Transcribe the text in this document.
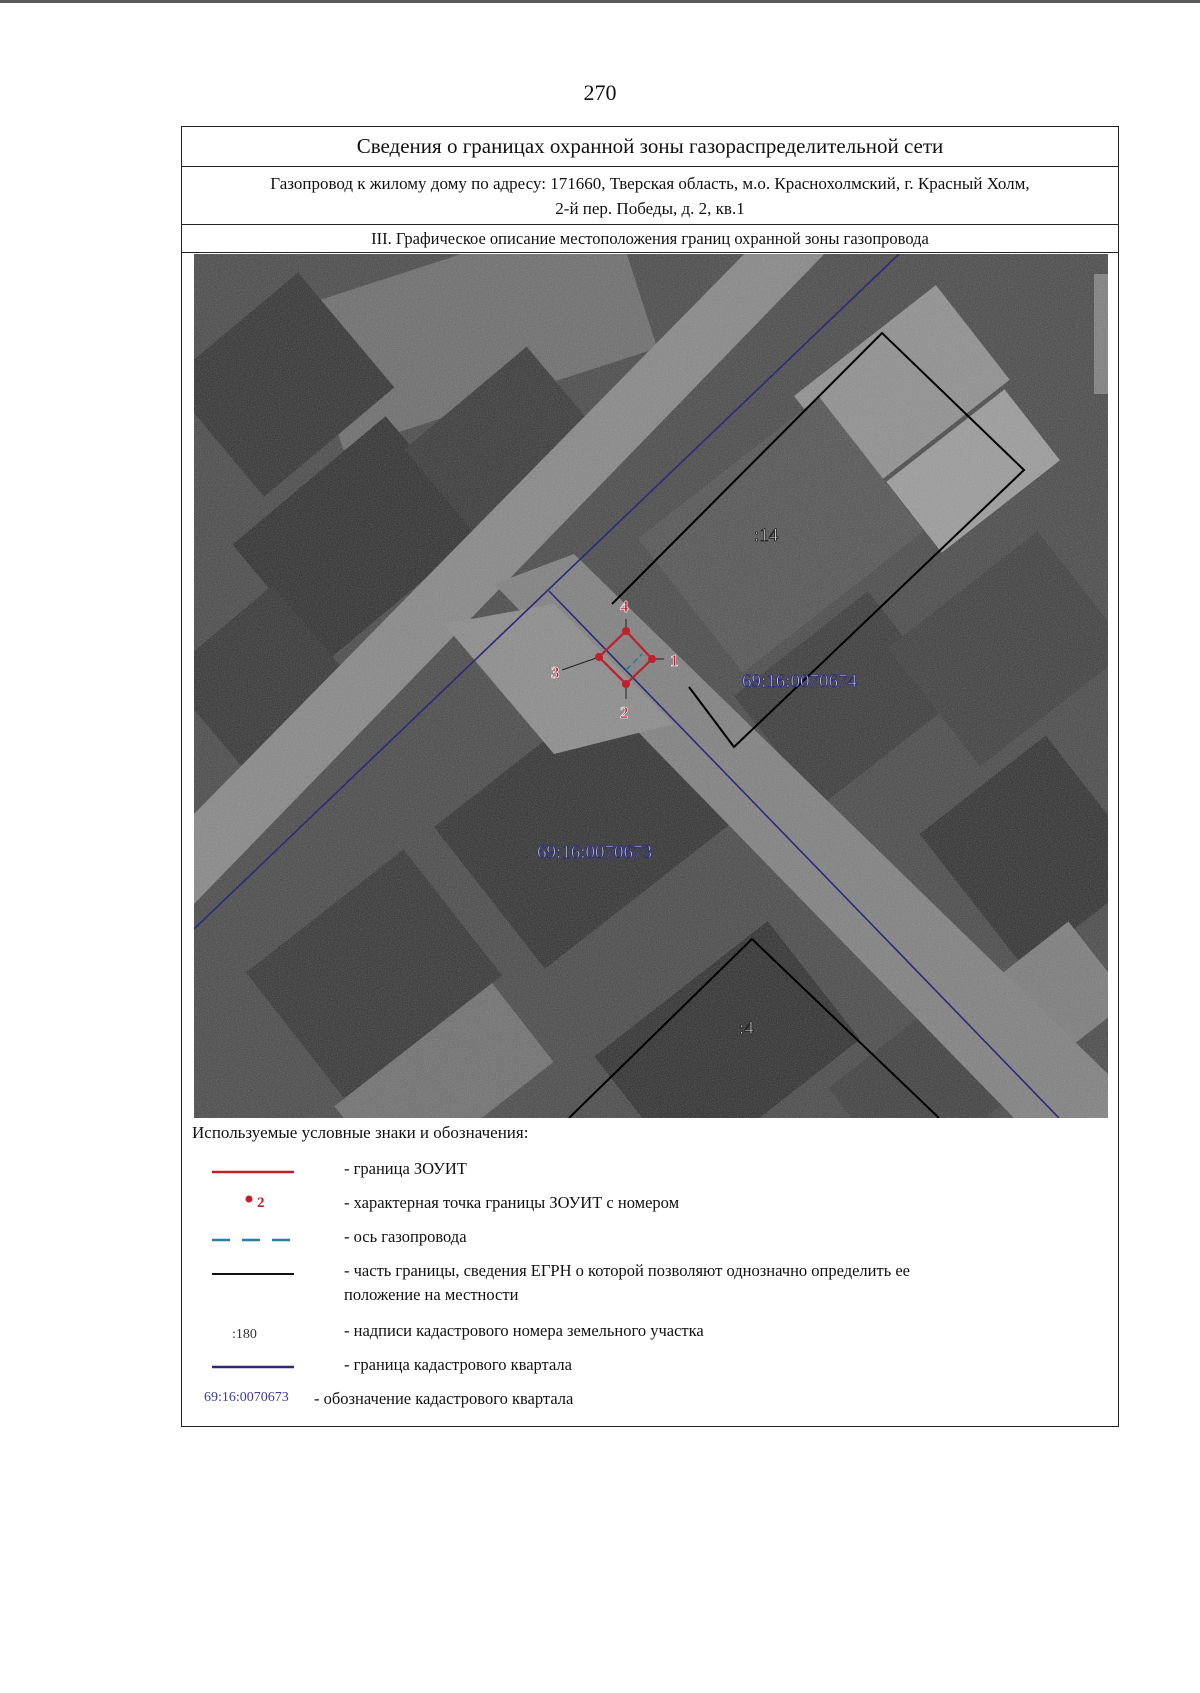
270
Сведения о границах охранной зоны газораспределительной сети
Газопровод к жилому дому по адресу: 171660, Тверская область, м.о. Краснохолмский, г. Красный Холм,
2-й пер. Победы, д. 2, кв.1
III. Графическое описание местоположения границ охранной зоны газопровода
1
2
3
4
:14
:4
69:16:0070674
69:16:0070673
Используемые условные знаки и обозначения:
- граница ЗОУИТ
2	- характерная точка границы ЗОУИТ с номером
- ось газопровода
- часть границы, сведения ЕГРН о которой позволяют однозначно определить ее
положение на местности
:180	- надписи кадастрового номера земельного участка
- граница кадастрового квартала
69:16:0070673 - обозначение кадастрового квартала
